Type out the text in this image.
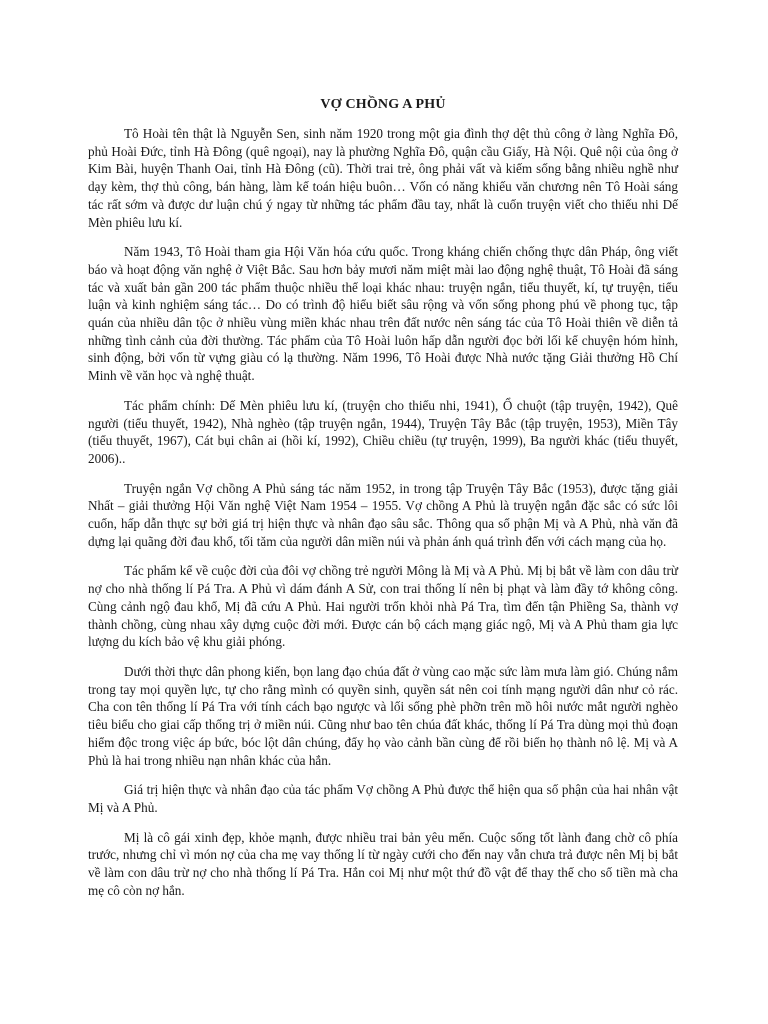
VỢ CHỒNG A PHỦ

Tô Hoài tên thật là Nguyễn Sen, sinh năm 1920 trong một gia đình thợ dệt thủ công ở làng Nghĩa Đô, phủ Hoài Đức, tỉnh Hà Đông (quê ngoại), nay là phường Nghĩa Đô, quận cầu Giấy, Hà Nội. Quê nội của ông ở Kim Bài, huyện Thanh Oai, tỉnh Hà Đông (cũ). Thời trai trẻ, ông phải vất và kiếm sống bằng nhiều nghề như dạy kèm, thợ thủ công, bán hàng, làm kế toán hiệu buôn… Vốn có năng khiếu văn chương nên Tô Hoài sáng tác rất sớm và được dư luận chú ý ngay từ những tác phẩm đầu tay, nhất là cuốn truyện viết cho thiếu nhi Dế Mèn phiêu lưu kí.

Năm 1943, Tô Hoài tham gia Hội Văn hóa cứu quốc. Trong kháng chiến chống thực dân Pháp, ông viết báo và hoạt động văn nghệ ở Việt Bắc. Sau hơn bảy mươi năm miệt mài lao động nghệ thuật, Tô Hoài đã sáng tác và xuất bản gần 200 tác phẩm thuộc nhiều thể loại khác nhau: truyện ngắn, tiểu thuyết, kí, tự truyện, tiểu luận và kinh nghiệm sáng tác… Do có trình độ hiểu biết sâu rộng và vốn sống phong phú về phong tục, tập quán của nhiều dân tộc ở nhiều vùng miền khác nhau trên đất nước nên sáng tác của Tô Hoài thiên về diễn tả những tình cảnh của đời thường. Tác phẩm của Tô Hoài luôn hấp dẫn người đọc bởi lối kể chuyện hóm hỉnh, sinh động, bởi vốn từ vựng giàu có lạ thường. Năm 1996, Tô Hoài được Nhà nước tặng Giải thưởng Hồ Chí Minh về văn học và nghệ thuật.

Tác phẩm chính: Dế Mèn phiêu lưu kí, (truyện cho thiếu nhi, 1941), Ổ chuột (tập truyện, 1942), Quê người (tiểu thuyết, 1942), Nhà nghèo (tập truyện ngắn, 1944), Truyện Tây Bắc (tập truyện, 1953), Miền Tây (tiểu thuyết, 1967), Cát bụi chân ai (hồi kí, 1992), Chiều chiều (tự truyện, 1999), Ba người khác (tiểu thuyết, 2006)..

Truyện ngắn Vợ chồng A Phủ sáng tác năm 1952, in trong tập Truyện Tây Bắc (1953), được tặng giải Nhất – giải thưởng Hội Văn nghệ Việt Nam 1954 – 1955. Vợ chồng A Phủ là truyện ngắn đặc sắc có sức lôi cuốn, hấp dẫn thực sự bởi giá trị hiện thực và nhân đạo sâu sắc. Thông qua số phận Mị và A Phủ, nhà văn đã dựng lại quãng đời đau khổ, tối tăm của người dân miền núi và phản ánh quá trình đến với cách mạng của họ.

Tác phẩm kể về cuộc đời của đôi vợ chồng trẻ người Mông là Mị và A Phủ. Mị bị bắt về làm con dâu trừ nợ cho nhà thống lí Pá Tra. A Phủ vì dám đánh A Sử, con trai thống lí nên bị phạt và làm đầy tớ không công. Cùng cảnh ngộ đau khổ, Mị đã cứu A Phủ. Hai người trốn khỏi nhà Pá Tra, tìm đến tận Phiềng Sa, thành vợ thành chồng, cùng nhau xây dựng cuộc đời mới. Được cán bộ cách mạng giác ngộ, Mị và A Phủ tham gia lực lượng du kích bảo vệ khu giải phóng.

Dưới thời thực dân phong kiến, bọn lang đạo chúa đất ở vùng cao mặc sức làm mưa làm gió. Chúng nắm trong tay mọi quyền lực, tự cho rằng mình có quyền sinh, quyền sát nên coi tính mạng người dân như cỏ rác. Cha con tên thống lí Pá Tra với tính cách bạo ngược và lối sống phè phỡn trên mồ hôi nước mắt người nghèo tiêu biểu cho giai cấp thống trị ở miền núi. Cũng như bao tên chúa đất khác, thống lí Pá Tra dùng mọi thủ đoạn hiểm độc trong việc áp bức, bóc lột dân chúng, đẩy họ vào cảnh bần cùng để rồi biến họ thành nô lệ. Mị và A Phủ là hai trong nhiều nạn nhân khác của hắn.

Giá trị hiện thực và nhân đạo của tác phẩm Vợ chồng A Phủ được thể hiện qua số phận của hai nhân vật Mị và A Phủ.

Mị là cô gái xinh đẹp, khỏe mạnh, được nhiều trai bản yêu mến. Cuộc sống tốt lành đang chờ cô phía trước, nhưng chỉ vì món nợ của cha mẹ vay thống lí từ ngày cưới cho đến nay vẫn chưa trả được nên Mị bị bắt về làm con dâu trừ nợ cho nhà thống lí Pá Tra. Hắn coi Mị như một thứ đồ vật để thay thế cho số tiền mà cha mẹ cô còn nợ hắn.
